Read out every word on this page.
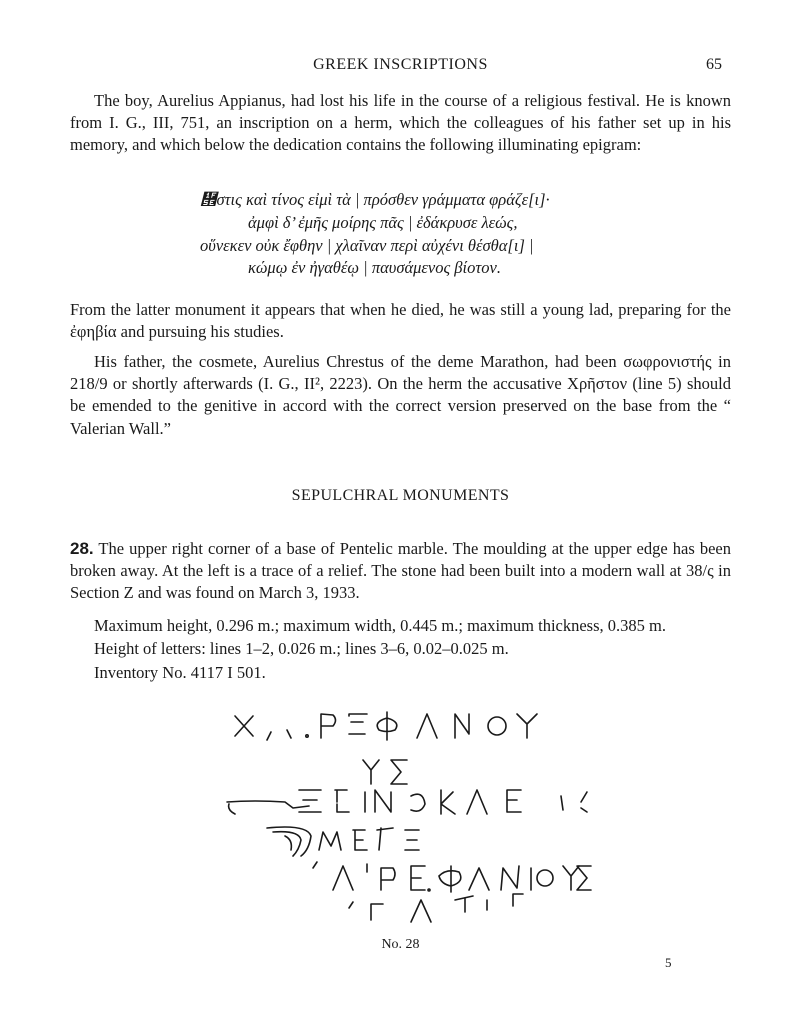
GREEK INSCRIPTIONS	65

The boy, Aurelius Appianus, had lost his life in the course of a religious festival. He is known from I. G., III, 751, an inscription on a herm, which the colleagues of his father set up in his memory, and which below the dedication contains the following illuminating epigram:

὞στις καὶ τίνος εἰμὶ τὰ | πρόσθεν γράμματα φράζε[ι]·
ἀμφὶ δ’ ἐμῆς μοίρης πᾶς | ἐδάκρυσε λεώς,
οὕνεκεν οὐκ ἔφθην | χλαῖναν περὶ αὐχένι θέσθα[ι] |
κώμῳ ἐν ἠγαθέῳ | παυσάμενος βίοτον.

From the latter monument it appears that when he died, he was still a young lad, preparing for the ἐφηβία and pursuing his studies.

His father, the cosmete, Aurelius Chrestus of the deme Marathon, had been σωφρονιστής in 218/9 or shortly afterwards (I. G., II², 2223). On the herm the accusative Χρῆστον (line 5) should be emended to the genitive in accord with the correct version preserved on the base from the “ Valerian Wall.”

SEPULCHRAL MONUMENTS

28. The upper right corner of a base of Pentelic marble. The moulding at the upper edge has been broken away. At the left is a trace of a relief. The stone had been built into a modern wall at 38/ς in Section Z and was found on March 3, 1933.

Maximum height, 0.296 m.; maximum width, 0.445 m.; maximum thickness, 0.385 m.
Height of letters: lines 1–2, 0.026 m.; lines 3–6, 0.02–0.025 m.
Inventory No. 4117 I 501.
No. 28
5
